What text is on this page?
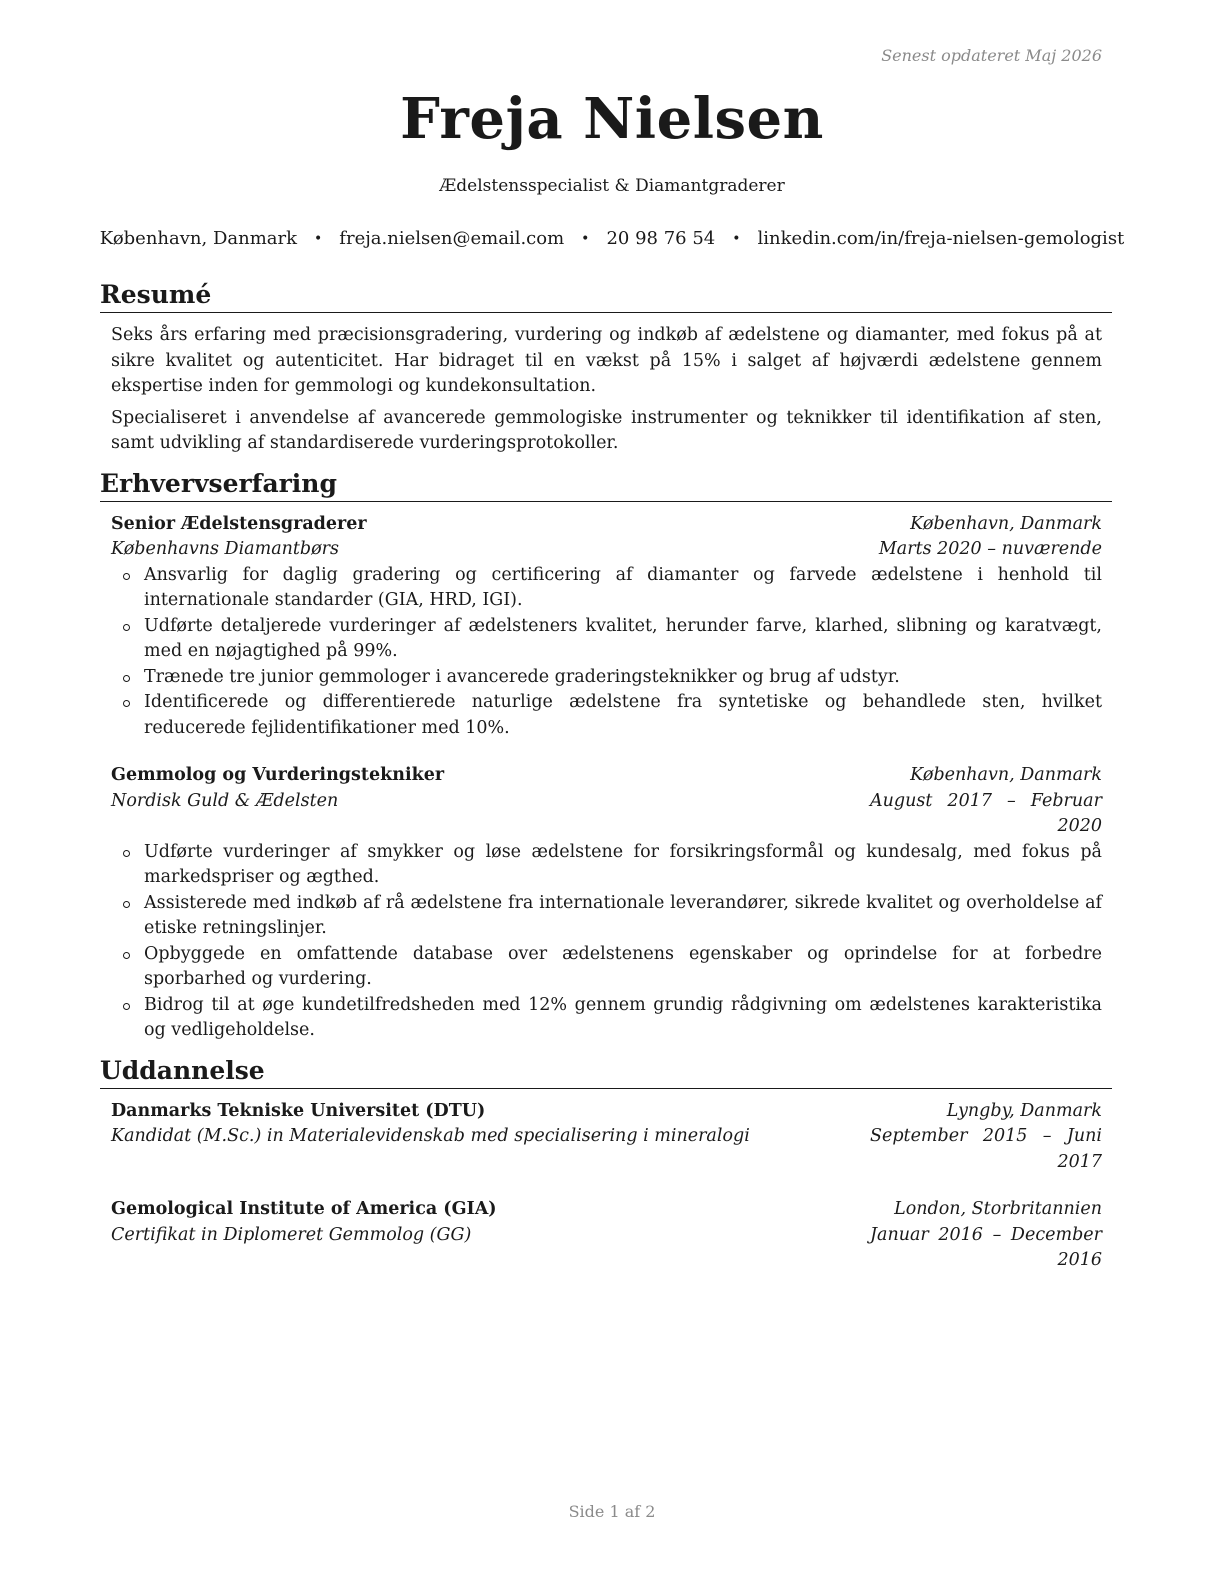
Senest opdateret Maj 2026
Freja Nielsen
Ædelstensspecialist & Diamantgraderer
København, Danmark • freja.nielsen@email.com • 20 98 76 54 • linkedin.com/in/freja-nielsen-gemologist
Resumé

Seks års erfaring med præcisionsgradering, vurdering og indkøb af ædelstene og diamanter, med fokus på at sikre kvalitet og autenticitet. Har bidraget til en vækst på 15% i salget af højværdi ædelstene gennem ekspertise inden for gemmologi og kundekonsultation.

Specialiseret i anvendelse af avancerede gemmologiske instrumenter og teknikker til identifikation af sten, samt udvikling af standardiserede vurderingsprotokoller.

Erhvervserfaring
Senior Ædelstensgraderer	København, Danmark
Københavns Diamantbørs	Marts 2020 – nuværende
Ansvarlig for daglig gradering og certificering af diamanter og farvede ædelstene i henhold til internationale standarder (GIA, HRD, IGI).
Udførte detaljerede vurderinger af ædelsteners kvalitet, herunder farve, klarhed, slibning og karatvægt, med en nøjagtighed på 99%.
Trænede tre junior gemmologer i avancerede graderingsteknikker og brug af udstyr.
Identificerede og differentierede naturlige ædelstene fra syntetiske og behandlede sten, hvilket reducerede fejlidentifikationer med 10%.
Gemmolog og Vurderingstekniker	København, Danmark
Nordisk Guld & Ædelsten	August 2017 – Februar 2020
Udførte vurderinger af smykker og løse ædelstene for forsikringsformål og kundesalg, med fokus på markedspriser og ægthed.
Assisterede med indkøb af rå ædelstene fra internationale leverandører, sikrede kvalitet og overholdelse af etiske retningslinjer.
Opbyggede en omfattende database over ædelstenens egenskaber og oprindelse for at forbedre sporbarhed og vurdering.
Bidrog til at øge kundetilfredsheden med 12% gennem grundig rådgivning om ædelstenes karakteristika og vedligeholdelse.
Uddannelse
Danmarks Tekniske Universitet (DTU)	Lyngby, Danmark
Kandidat (M.Sc.) in Materialevidenskab med specialisering i mineralogi	September 2015 – Juni 2017
Gemological Institute of America (GIA)	London, Storbritannien
Certifikat in Diplomeret Gemmolog (GG)	Januar 2016 – December 2016
Side 1 af 2
